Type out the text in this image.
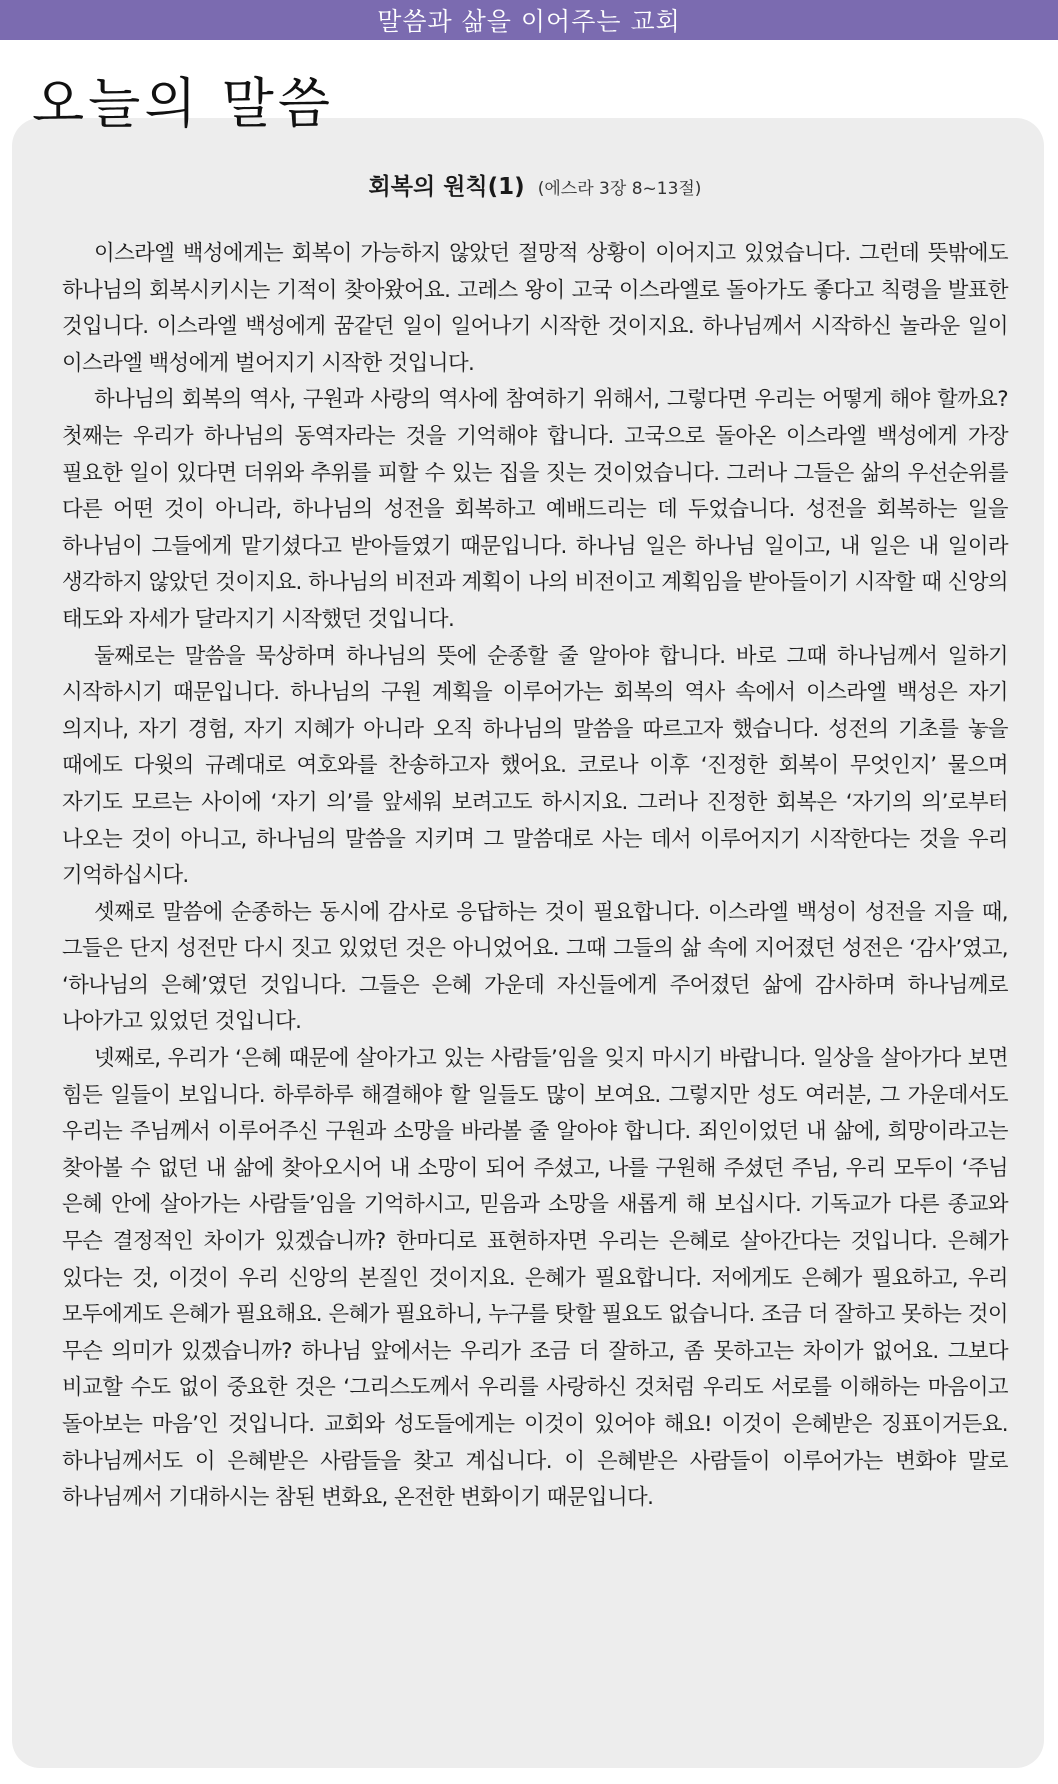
말씀과 삶을 이어주는 교회
오늘의 말씀
회복의 원칙(1) (에스라 3장 8~13절)

이스라엘 백성에게는 회복이 가능하지 않았던 절망적 상황이 이어지고 있었습니다. 그런데 뜻밖에도 하나님의 회복시키시는 기적이 찾아왔어요. 고레스 왕이 고국 이스라엘로 돌아가도 좋다고 칙령을 발표한 것입니다. 이스라엘 백성에게 꿈같던 일이 일어나기 시작한 것이지요. 하나님께서 시작하신 놀라운 일이 이스라엘 백성에게 벌어지기 시작한 것입니다.

하나님의 회복의 역사, 구원과 사랑의 역사에 참여하기 위해서, 그렇다면 우리는 어떻게 해야 할까요? 첫째는 우리가 하나님의 동역자라는 것을 기억해야 합니다. 고국으로 돌아온 이스라엘 백성에게 가장 필요한 일이 있다면 더위와 추위를 피할 수 있는 집을 짓는 것이었습니다. 그러나 그들은 삶의 우선순위를 다른 어떤 것이 아니라, 하나님의 성전을 회복하고 예배드리는 데 두었습니다. 성전을 회복하는 일을 하나님이 그들에게 맡기셨다고 받아들였기 때문입니다. 하나님 일은 하나님 일이고, 내 일은 내 일이라 생각하지 않았던 것이지요. 하나님의 비전과 계획이 나의 비전이고 계획임을 받아들이기 시작할 때 신앙의 태도와 자세가 달라지기 시작했던 것입니다.

둘째로는 말씀을 묵상하며 하나님의 뜻에 순종할 줄 알아야 합니다. 바로 그때 하나님께서 일하기 시작하시기 때문입니다. 하나님의 구원 계획을 이루어가는 회복의 역사 속에서 이스라엘 백성은 자기 의지나, 자기 경험, 자기 지혜가 아니라 오직 하나님의 말씀을 따르고자 했습니다. 성전의 기초를 놓을 때에도 다윗의 규례대로 여호와를 찬송하고자 했어요. 코로나 이후 ‘진정한 회복이 무엇인지’ 물으며 자기도 모르는 사이에 ‘자기 의’를 앞세워 보려고도 하시지요. 그러나 진정한 회복은 ‘자기의 의’로부터 나오는 것이 아니고, 하나님의 말씀을 지키며 그 말씀대로 사는 데서 이루어지기 시작한다는 것을 우리 기억하십시다.

셋째로 말씀에 순종하는 동시에 감사로 응답하는 것이 필요합니다. 이스라엘 백성이 성전을 지을 때, 그들은 단지 성전만 다시 짓고 있었던 것은 아니었어요. 그때 그들의 삶 속에 지어졌던 성전은 ‘감사’였고, ‘하나님의 은혜’였던 것입니다. 그들은 은혜 가운데 자신들에게 주어졌던 삶에 감사하며 하나님께로 나아가고 있었던 것입니다.

넷째로, 우리가 ‘은혜 때문에 살아가고 있는 사람들’임을 잊지 마시기 바랍니다. 일상을 살아가다 보면 힘든 일들이 보입니다. 하루하루 해결해야 할 일들도 많이 보여요. 그렇지만 성도 여러분, 그 가운데서도 우리는 주님께서 이루어주신 구원과 소망을 바라볼 줄 알아야 합니다. 죄인이었던 내 삶에, 희망이라고는 찾아볼 수 없던 내 삶에 찾아오시어 내 소망이 되어 주셨고, 나를 구원해 주셨던 주님, 우리 모두이 ‘주님 은혜 안에 살아가는 사람들’임을 기억하시고, 믿음과 소망을 새롭게 해 보십시다. 기독교가 다른 종교와 무슨 결정적인 차이가 있겠습니까? 한마디로 표현하자면 우리는 은혜로 살아간다는 것입니다. 은혜가 있다는 것, 이것이 우리 신앙의 본질인 것이지요. 은혜가 필요합니다. 저에게도 은혜가 필요하고, 우리 모두에게도 은혜가 필요해요. 은혜가 필요하니, 누구를 탓할 필요도 없습니다. 조금 더 잘하고 못하는 것이 무슨 의미가 있겠습니까? 하나님 앞에서는 우리가 조금 더 잘하고, 좀 못하고는 차이가 없어요. 그보다 비교할 수도 없이 중요한 것은 ‘그리스도께서 우리를 사랑하신 것처럼 우리도 서로를 이해하는 마음이고 돌아보는 마음’인 것입니다. 교회와 성도들에게는 이것이 있어야 해요! 이것이 은혜받은 징표이거든요. 하나님께서도 이 은혜받은 사람들을 찾고 계십니다. 이 은혜받은 사람들이 이루어가는 변화야 말로 하나님께서 기대하시는 참된 변화요, 온전한 변화이기 때문입니다.
